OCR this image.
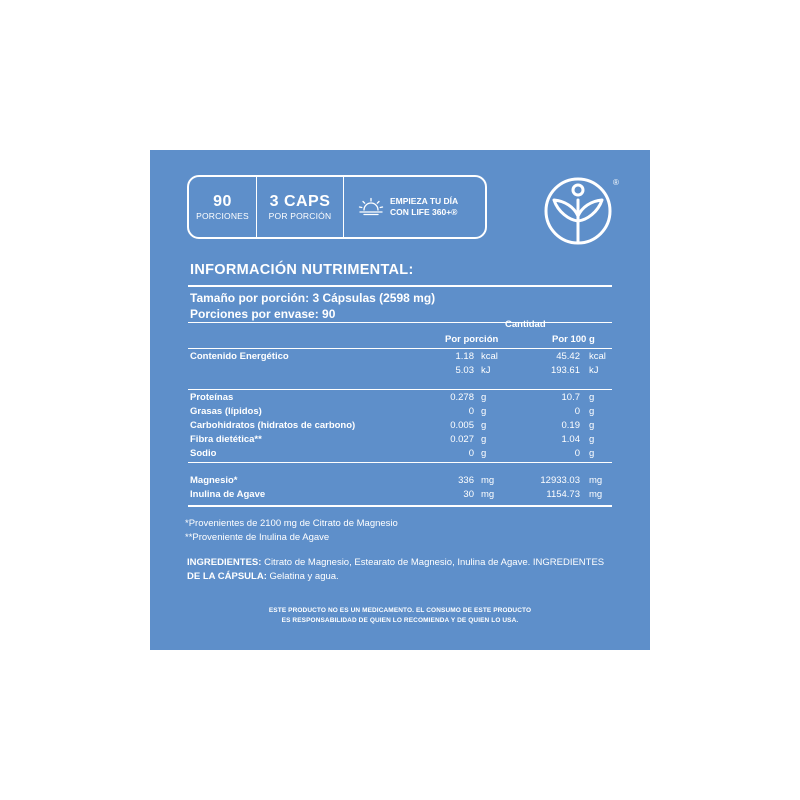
90
PORCIONES
3 CAPS
POR PORCIÓN
EMPIEZA TU DÍA
CON LIFE 360+®
®
INFORMACIÓN NUTRIMENTAL:
Tamaño por porción: 3 Cápsulas (2598 mg)
Porciones por envase: 90
Cantidad
Por porción	Por 100 g
Contenido Energético	1.18 kcal	45.42 kcal
5.03 kJ	193.61 kJ
Proteínas	0.278 g	10.7 g
Grasas (lípidos)	0 g	0 g
Carbohidratos (hidratos de carbono)	0.005 g	0.19 g
Fibra dietética**	0.027 g	1.04 g
Sodio	0 g	0 g
Magnesio*	336 mg	12933.03 mg
Inulina de Agave	30 mg	1154.73 mg
*Provenientes de 2100 mg de Citrato de Magnesio
**Proveniente de Inulina de Agave
INGREDIENTES: Citrato de Magnesio, Estearato de Magnesio, Inulina de Agave. INGREDIENTES
DE LA CÁPSULA: Gelatina y agua.
ESTE PRODUCTO NO ES UN MEDICAMENTO. EL CONSUMO DE ESTE PRODUCTO
ES RESPONSABILIDAD DE QUIEN LO RECOMIENDA Y DE QUIEN LO USA.
